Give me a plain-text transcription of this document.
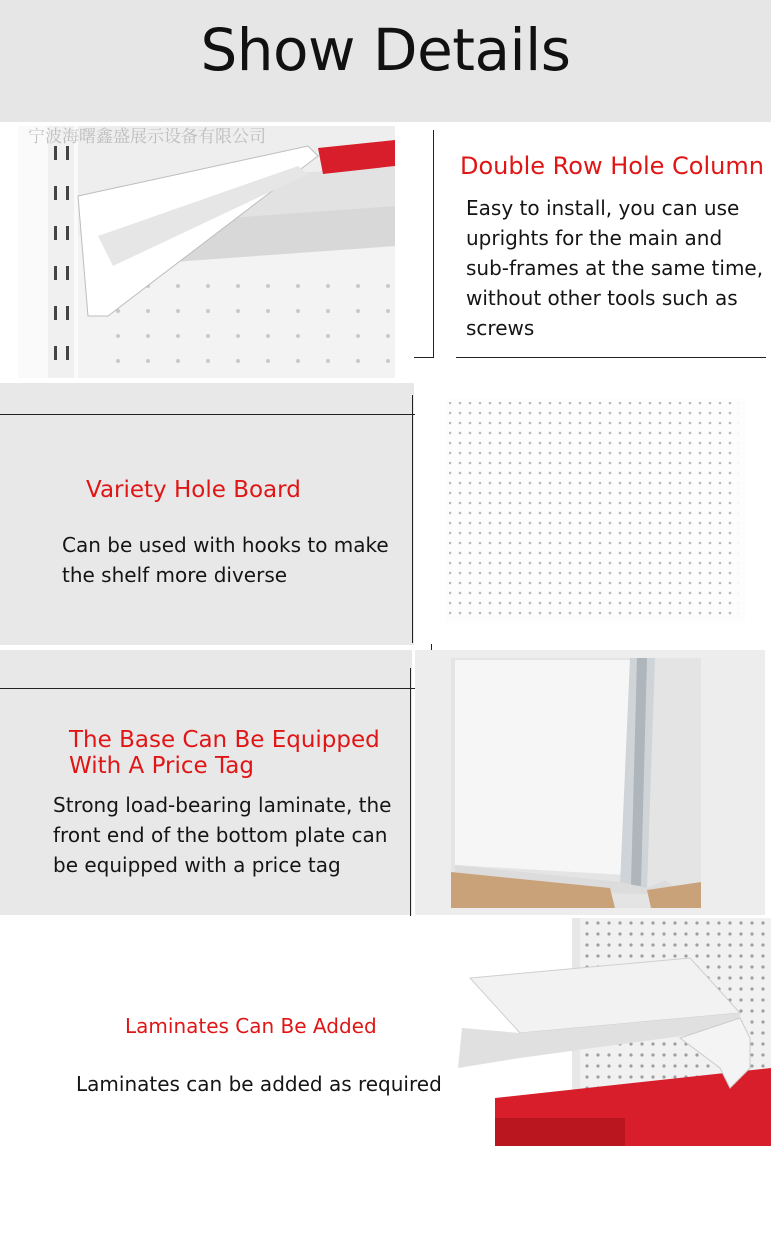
Show Details
宁波海曙鑫盛展示设备有限公司
Double Row Hole Column
Easy to install, you can use uprights for the main and sub-frames at the same time, without other tools such as screws
Variety Hole Board
Can be used with hooks to make the shelf more diverse
The Base Can Be Equipped
With A Price Tag
Strong load-bearing laminate, the front end of the bottom plate can be equipped with a price tag
Laminates Can Be Added
Laminates can be added as required
